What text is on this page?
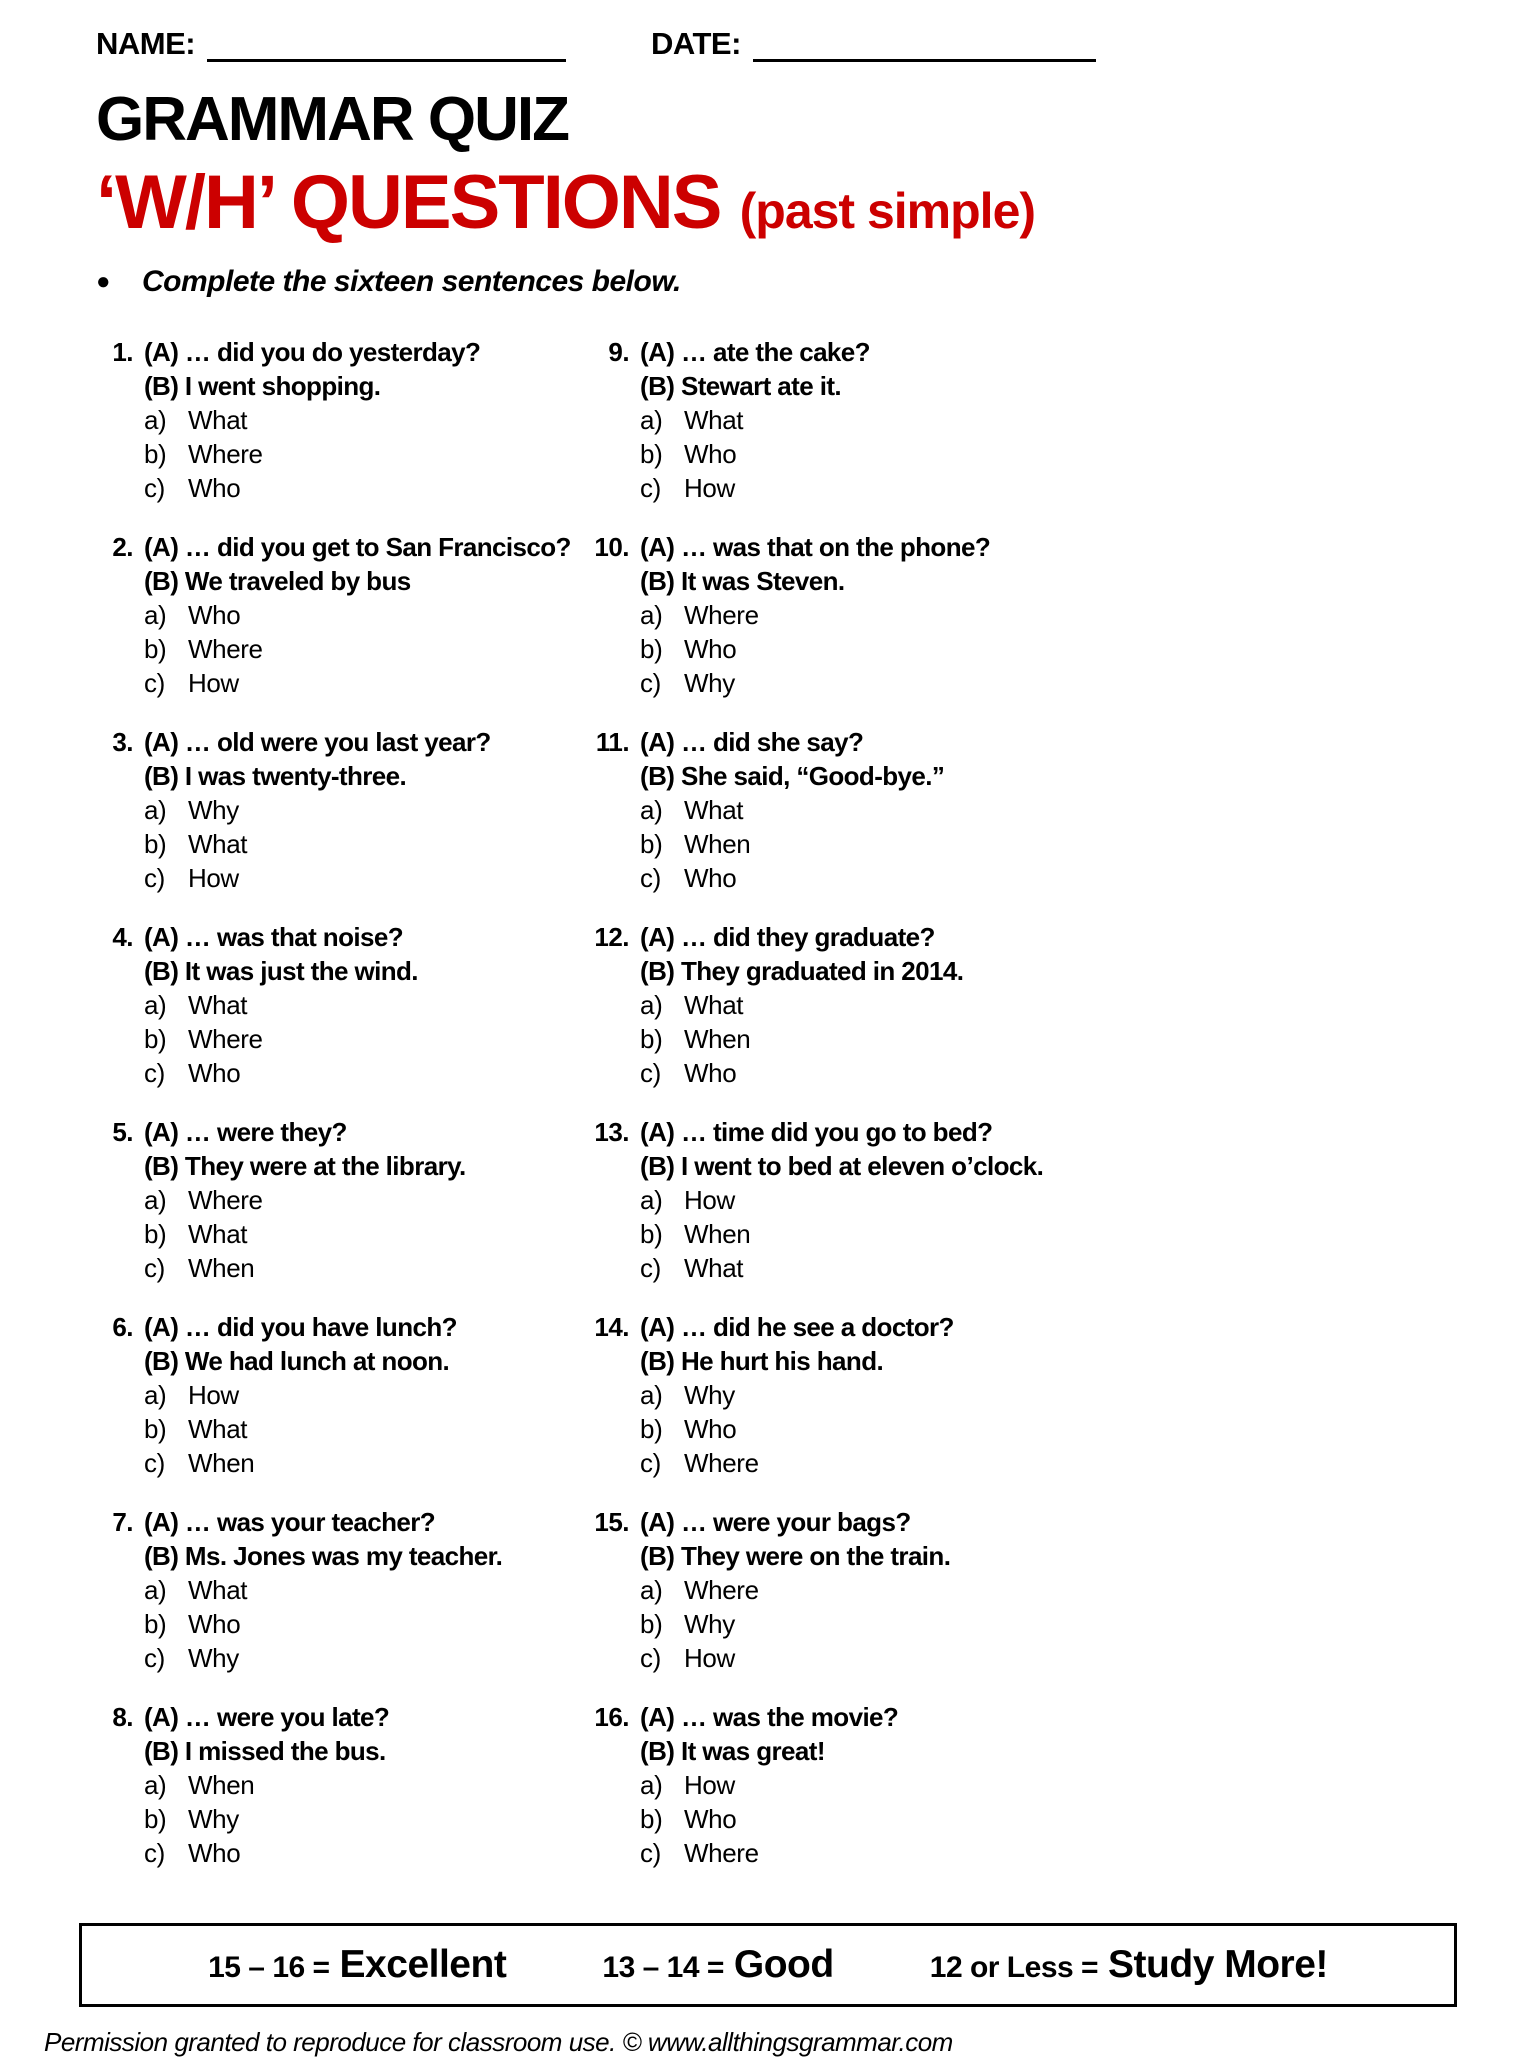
NAME:	DATE:
GRAMMAR QUIZ
‘W/H’ QUESTIONS (past simple)
●	Complete the sixteen sentences below.
1. (A) … did you do yesterday?
(B) I went shopping.
a) What
b) Where
c) Who
2. (A) … did you get to San Francisco?
(B) We traveled by bus
a) Who
b) Where
c) How
3. (A) … old were you last year?
(B) I was twenty-three.
a) Why
b) What
c) How
4. (A) … was that noise?
(B) It was just the wind.
a) What
b) Where
c) Who
5. (A) … were they?
(B) They were at the library.
a) Where
b) What
c) When
6. (A) … did you have lunch?
(B) We had lunch at noon.
a) How
b) What
c) When
7. (A) … was your teacher?
(B) Ms. Jones was my teacher.
a) What
b) Who
c) Why
8. (A) … were you late?
(B) I missed the bus.
a) When
b) Why
c) Who
9. (A) … ate the cake?
(B) Stewart ate it.
a) What
b) Who
c) How
10. (A) … was that on the phone?
(B) It was Steven.
a) Where
b) Who
c) Why
11. (A) … did she say?
(B) She said, “Good-bye.”
a) What
b) When
c) Who
12. (A) … did they graduate?
(B) They graduated in 2014.
a) What
b) When
c) Who
13. (A) … time did you go to bed?
(B) I went to bed at eleven o’clock.
a) How
b) When
c) What
14. (A) … did he see a doctor?
(B) He hurt his hand.
a) Why
b) Who
c) Where
15. (A) … were your bags?
(B) They were on the train.
a) Where
b) Why
c) How
16. (A) … was the movie?
(B) It was great!
a) How
b) Who
c) Where
15 – 16 = Excellent	13 – 14 = Good	12 or Less = Study More!
Permission granted to reproduce for classroom use. © www.allthingsgrammar.com
